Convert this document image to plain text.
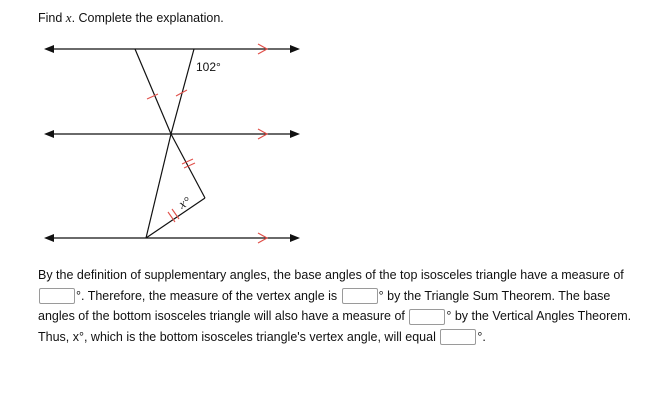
Find x. Complete the explanation.
102°
x°
By the definition of supplementary angles, the base angles of the top isosceles triangle have a measure of °. Therefore, the measure of the vertex angle is	° by the Triangle Sum Theorem. The base angles of the bottom isosceles triangle will also have a measure of	° by the Vertical Angles Theorem. Thus, x°, which is the bottom isosceles triangle's vertex angle, will equal	°.
